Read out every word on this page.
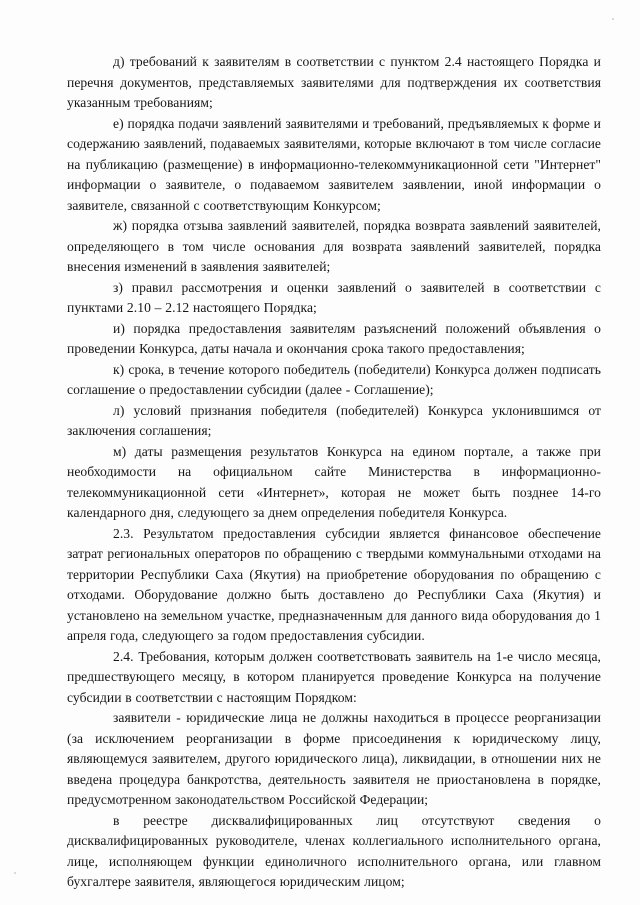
д) требований к заявителям в соответствии с пунктом 2.4 настоящего Порядка и перечня документов, представляемых заявителями для подтверждения их соответствия указанным требованиям;

е) порядка подачи заявлений заявителями и требований, предъявляемых к форме и содержанию заявлений, подаваемых заявителями, которые включают в том числе согласие на публикацию (размещение) в информационно-телекоммуникационной сети "Интернет" информации о заявителе, о подаваемом заявителем заявлении, иной информации о заявителе, связанной с соответствующим Конкурсом;

ж) порядка отзыва заявлений заявителей, порядка возврата заявлений заявителей, определяющего в том числе основания для возврата заявлений заявителей, порядка внесения изменений в заявления заявителей;

з) правил рассмотрения и оценки заявлений о заявителей в соответствии с пунктами 2.10 – 2.12 настоящего Порядка;

и) порядка предоставления заявителям разъяснений положений объявления о проведении Конкурса, даты начала и окончания срока такого предоставления;

к) срока, в течение которого победитель (победители) Конкурса должен подписать соглашение о предоставлении субсидии (далее - Соглашение);

л) условий признания победителя (победителей) Конкурса уклонившимся от заключения соглашения;

м) даты размещения результатов Конкурса на едином портале, а также при необходимости на официальном сайте Министерства в информационно-телекоммуникационной сети «Интернет», которая не может быть позднее 14-го календарного дня, следующего за днем определения победителя Конкурса.

2.3. Результатом предоставления субсидии является финансовое обеспечение затрат региональных операторов по обращению с твердыми коммунальными отходами на территории Республики Саха (Якутия) на приобретение оборудования по обращению с отходами. Оборудование должно быть доставлено до Республики Саха (Якутия) и установлено на земельном участке, предназначенным для данного вида оборудования до 1 апреля года, следующего за годом предоставления субсидии.

2.4. Требования, которым должен соответствовать заявитель на 1-е число месяца, предшествующего месяцу, в котором планируется проведение Конкурса на получение субсидии в соответствии с настоящим Порядком:

заявители - юридические лица не должны находиться в процессе реорганизации (за исключением реорганизации в форме присоединения к юридическому лицу, являющемуся заявителем, другого юридического лица), ликвидации, в отношении них не введена процедура банкротства, деятельность заявителя не приостановлена в порядке, предусмотренном законодательством Российской Федерации;

в реестре дисквалифицированных лиц отсутствуют сведения о дисквалифицированных руководителе, членах коллегиального исполнительного органа, лице, исполняющем функции единоличного исполнительного органа, или главном бухгалтере заявителя, являющегося юридическим лицом;
